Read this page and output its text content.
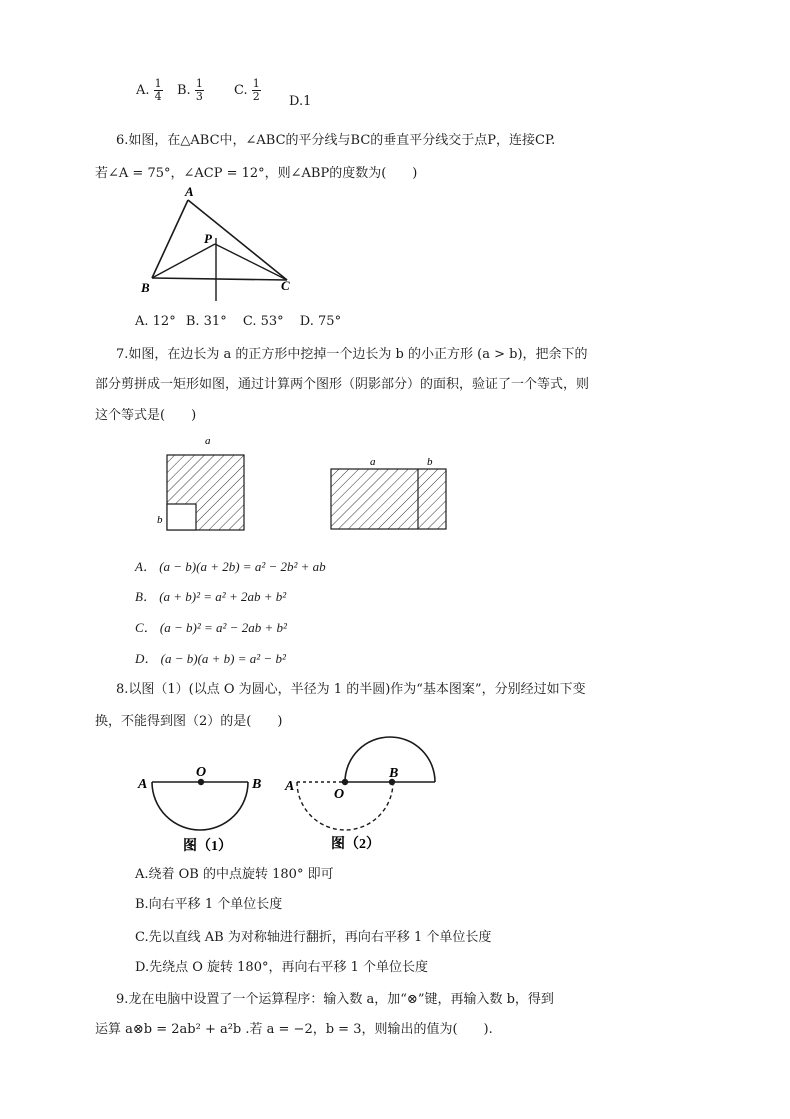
A. $\frac{1}{4} B$. $\frac{1}{3} C$. $\frac{1}{2} D.1$
6.如图，在△ABC中，∠ABC的平分线与BC的垂直平分线交于点P，连接CP.
若∠A = 75°，∠ACP = 12°，则∠ABP的度数为(　　)
A
B	C
P
A. 12° B. 31° C. 53° D. 75°
7.如图，在边长为 a 的正方形中挖掉一个边长为 b 的小正方形 (a > b)，把余下的
部分剪拼成一矩形如图，通过计算两个图形（阴影部分）的面积，验证了一个等式，则
这个等式是(　　)
a
b
a	b
A． (a − b)(a + 2b) = a² − 2b² + ab
B． (a + b)² = a² + 2ab + b²
C． (a − b)² = a² − 2ab + b²
D． (a − b)(a + b) = a² − b²
8.以图（1）(以点 O 为圆心，半径为 1 的半圆)作为“基本图案”，分别经过如下变
换，不能得到图（2）的是(　　)
A
O
B
图（1）
A
O
B
图（2）
A.绕着 OB 的中点旋转 180° 即可
B.向右平移 1 个单位长度
C.先以直线 AB 为对称轴进行翻折，再向右平移 1 个单位长度
D.先绕点 O 旋转 180°，再向右平移 1 个单位长度
9.龙在电脑中设置了一个运算程序：输入数 a，加“⊗”键，再输入数 b，得到
运算 a⊗b = 2ab² + a²b .若 a = −2，b = 3，则输出的值为(　　).
